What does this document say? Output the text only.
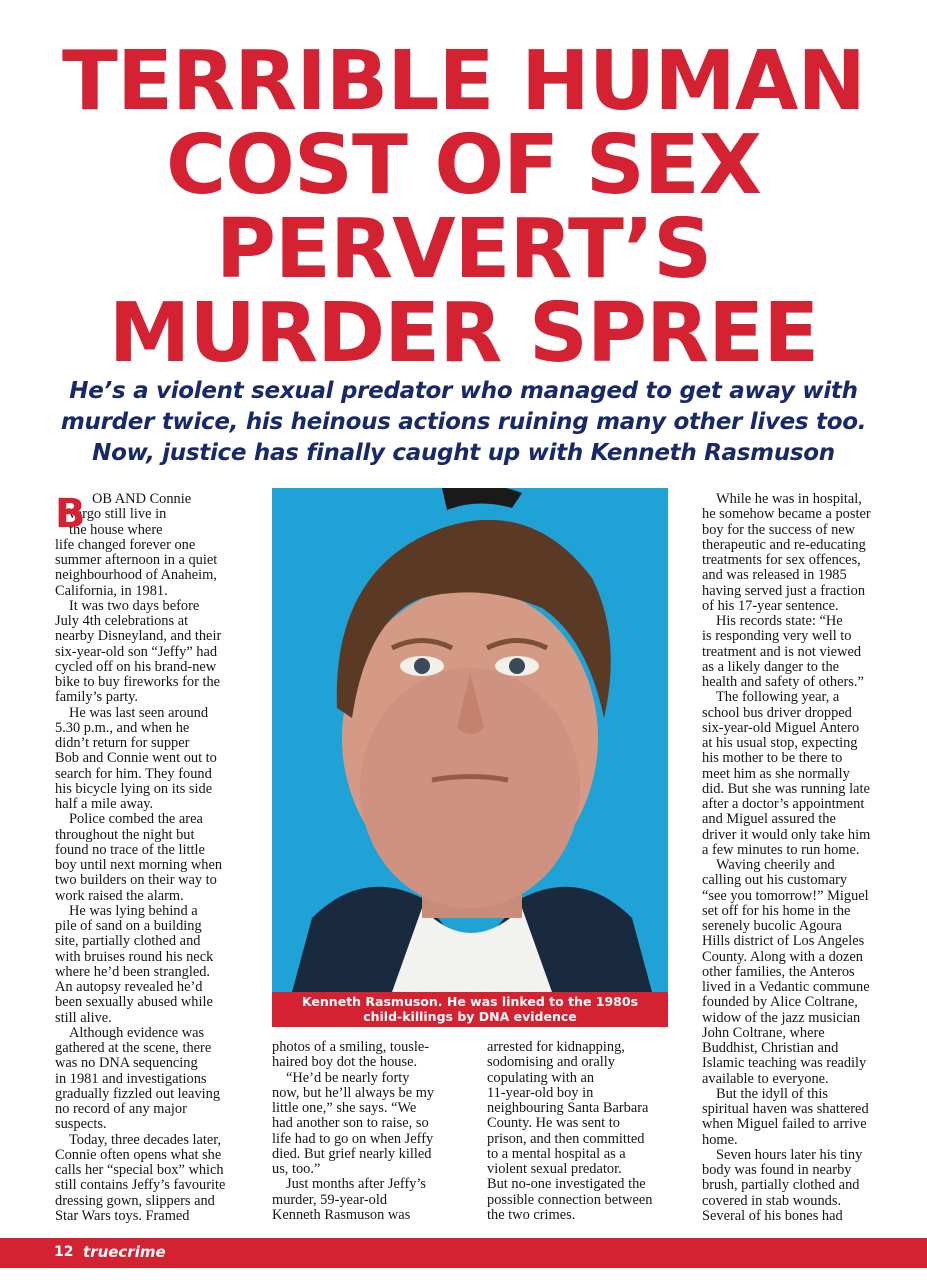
TERRIBLE HUMAN
COST OF SEX
PERVERT’S
MURDER SPREE
He’s a violent sexual predator who managed to get away with
murder twice, his heinous actions ruining many other lives too.
Now, justice has finally caught up with Kenneth Rasmuson
B OB AND Connie
Vargo still live in
the house where
life changed forever one
summer afternoon in a quiet
neighbourhood of Anaheim,
California, in 1981.
It was two days before
July 4th celebrations at
nearby Disneyland, and their
six-year-old son “Jeffy” had
cycled off on his brand-new
bike to buy fireworks for the
family’s party.
He was last seen around
5.30 p.m., and when he
didn’t return for supper
Bob and Connie went out to
search for him. They found
his bicycle lying on its side
half a mile away.
Police combed the area
throughout the night but
found no trace of the little
boy until next morning when
two builders on their way to
work raised the alarm.
He was lying behind a
pile of sand on a building
site, partially clothed and
with bruises round his neck
where he’d been strangled.
An autopsy revealed he’d
been sexually abused while
still alive.
Although evidence was
gathered at the scene, there
was no DNA sequencing
in 1981 and investigations
gradually fizzled out leaving
no record of any major
suspects.
Today, three decades later,
Connie often opens what she
calls her “special box” which
still contains Jeffy’s favourite
dressing gown, slippers and
Star Wars toys. Framed
Kenneth Rasmuson. He was linked to the 1980s
child-killings by DNA evidence
photos of a smiling, tousle-
haired boy dot the house.
“He’d be nearly forty
now, but he’ll always be my
little one,” she says. “We
had another son to raise, so
life had to go on when Jeffy
died. But grief nearly killed
us, too.”
Just months after Jeffy’s
murder, 59-year-old
Kenneth Rasmuson was
arrested for kidnapping,
sodomising and orally
copulating with an
11-year-old boy in
neighbouring Santa Barbara
County. He was sent to
prison, and then committed
to a mental hospital as a
violent sexual predator.
But no-one investigated the
possible connection between
the two crimes.
While he was in hospital,
he somehow became a poster
boy for the success of new
therapeutic and re-educating
treatments for sex offences,
and was released in 1985
having served just a fraction
of his 17-year sentence.
His records state: “He
is responding very well to
treatment and is not viewed
as a likely danger to the
health and safety of others.”
The following year, a
school bus driver dropped
six-year-old Miguel Antero
at his usual stop, expecting
his mother to be there to
meet him as she normally
did. But she was running late
after a doctor’s appointment
and Miguel assured the
driver it would only take him
a few minutes to run home.
Waving cheerily and
calling out his customary
“see you tomorrow!” Miguel
set off for his home in the
serenely bucolic Agoura
Hills district of Los Angeles
County. Along with a dozen
other families, the Anteros
lived in a Vedantic commune
founded by Alice Coltrane,
widow of the jazz musician
John Coltrane, where
Buddhist, Christian and
Islamic teaching was readily
available to everyone.
But the idyll of this
spiritual haven was shattered
when Miguel failed to arrive
home.
Seven hours later his tiny
body was found in nearby
brush, partially clothed and
covered in stab wounds.
Several of his bones had
12 truecrime
